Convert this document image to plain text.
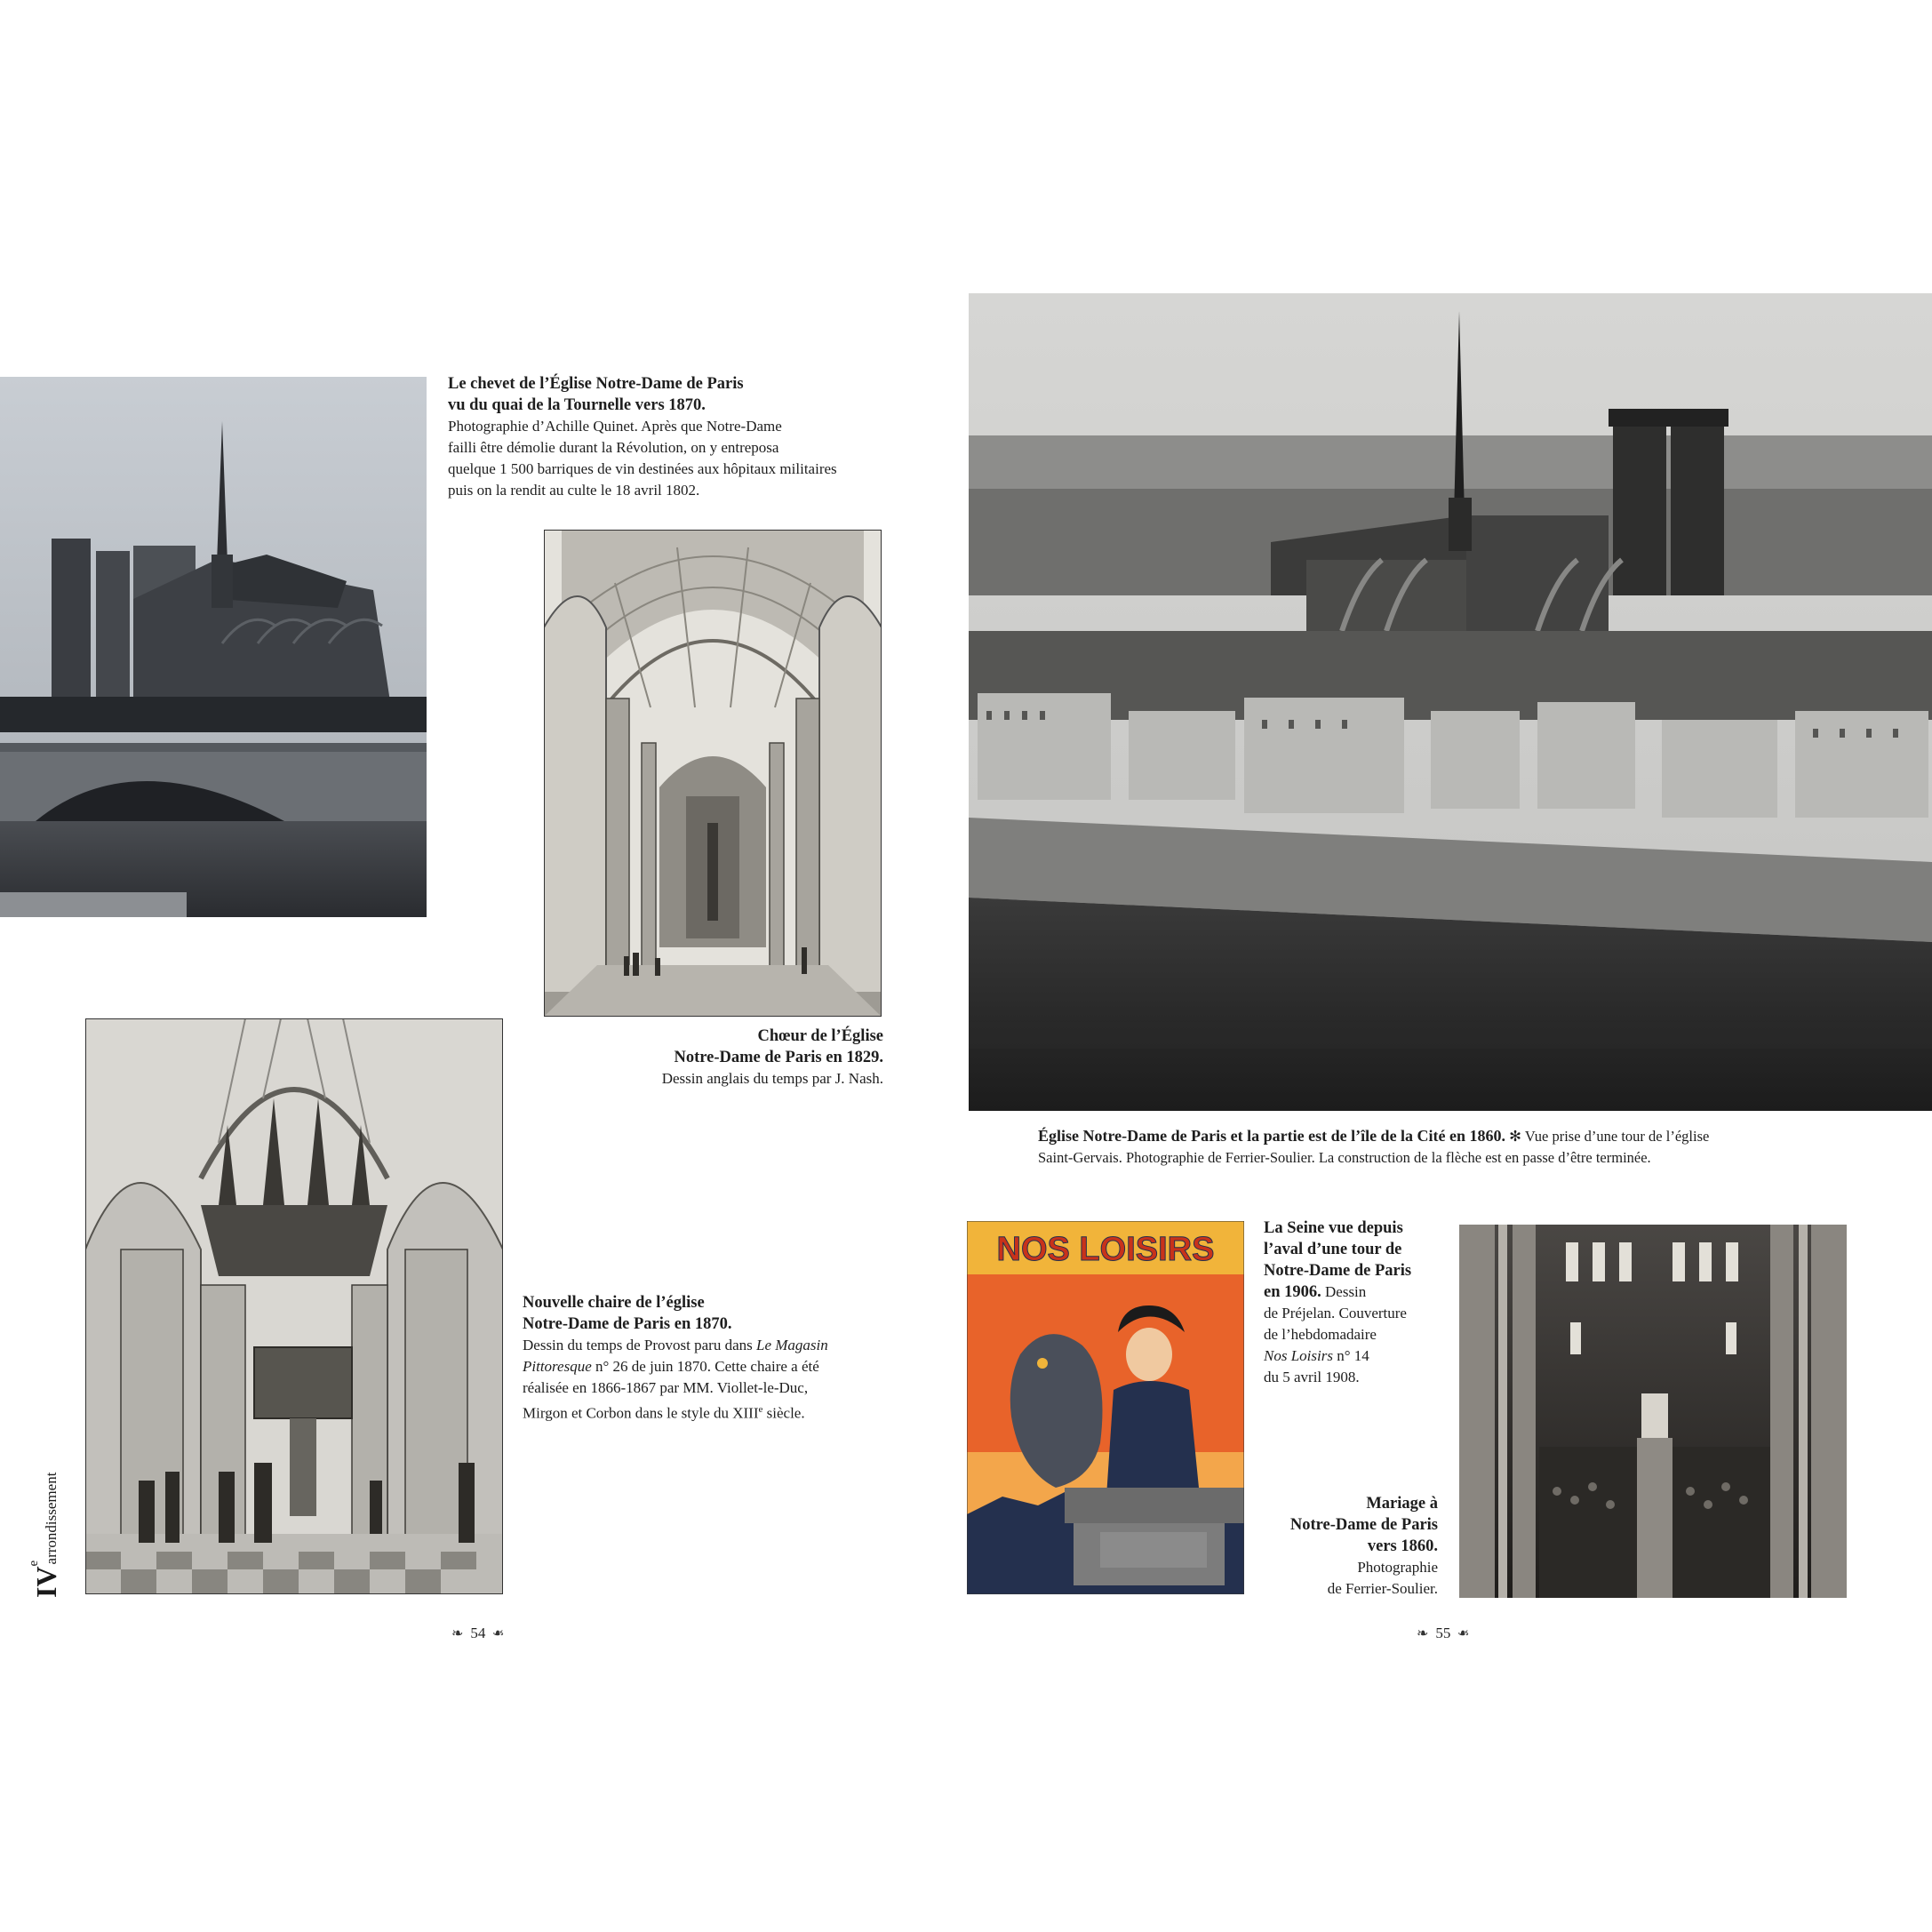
Le chevet de l’Église Notre-Dame de Paris
vu du quai de la Tournelle vers 1870.
Photographie d’Achille Quinet. Après que Notre-Dame
failli être démolie durant la Révolution, on y entreposa
quelque 1 500 barriques de vin destinées aux hôpitaux militaires
puis on la rendit au culte le 18 avril 1802.
Chœur de l’Église
Notre-Dame de Paris en 1829.
Dessin anglais du temps par J. Nash.
Nouvelle chaire de l’église
Notre-Dame de Paris en 1870.
Dessin du temps de Provost paru dans Le Magasin
Pittoresque n° 26 de juin 1870. Cette chaire a été
réalisée en 1866-1867 par MM. Viollet-le-Duc,
Mirgon et Corbon dans le style du XIIIe siècle.
IV
e arrondissement
❧ 54 ❧
Église Notre-Dame de Paris et la partie est de l’île de la Cité en 1860. ✻ Vue prise d’une tour de l’église
Saint-Gervais. Photographie de Ferrier-Soulier. La construction de la flèche est en passe d’être terminée.
NOS LOISIRS
La Seine vue depuis
l’aval d’une tour de
Notre-Dame de Paris
en 1906. Dessin
de Préjelan. Couverture
de l’hebdomadaire
Nos Loisirs n° 14
du 5 avril 1908.
Mariage à
Notre-Dame de Paris
vers 1860.
Photographie
de Ferrier-Soulier.
❧ 55 ❧
